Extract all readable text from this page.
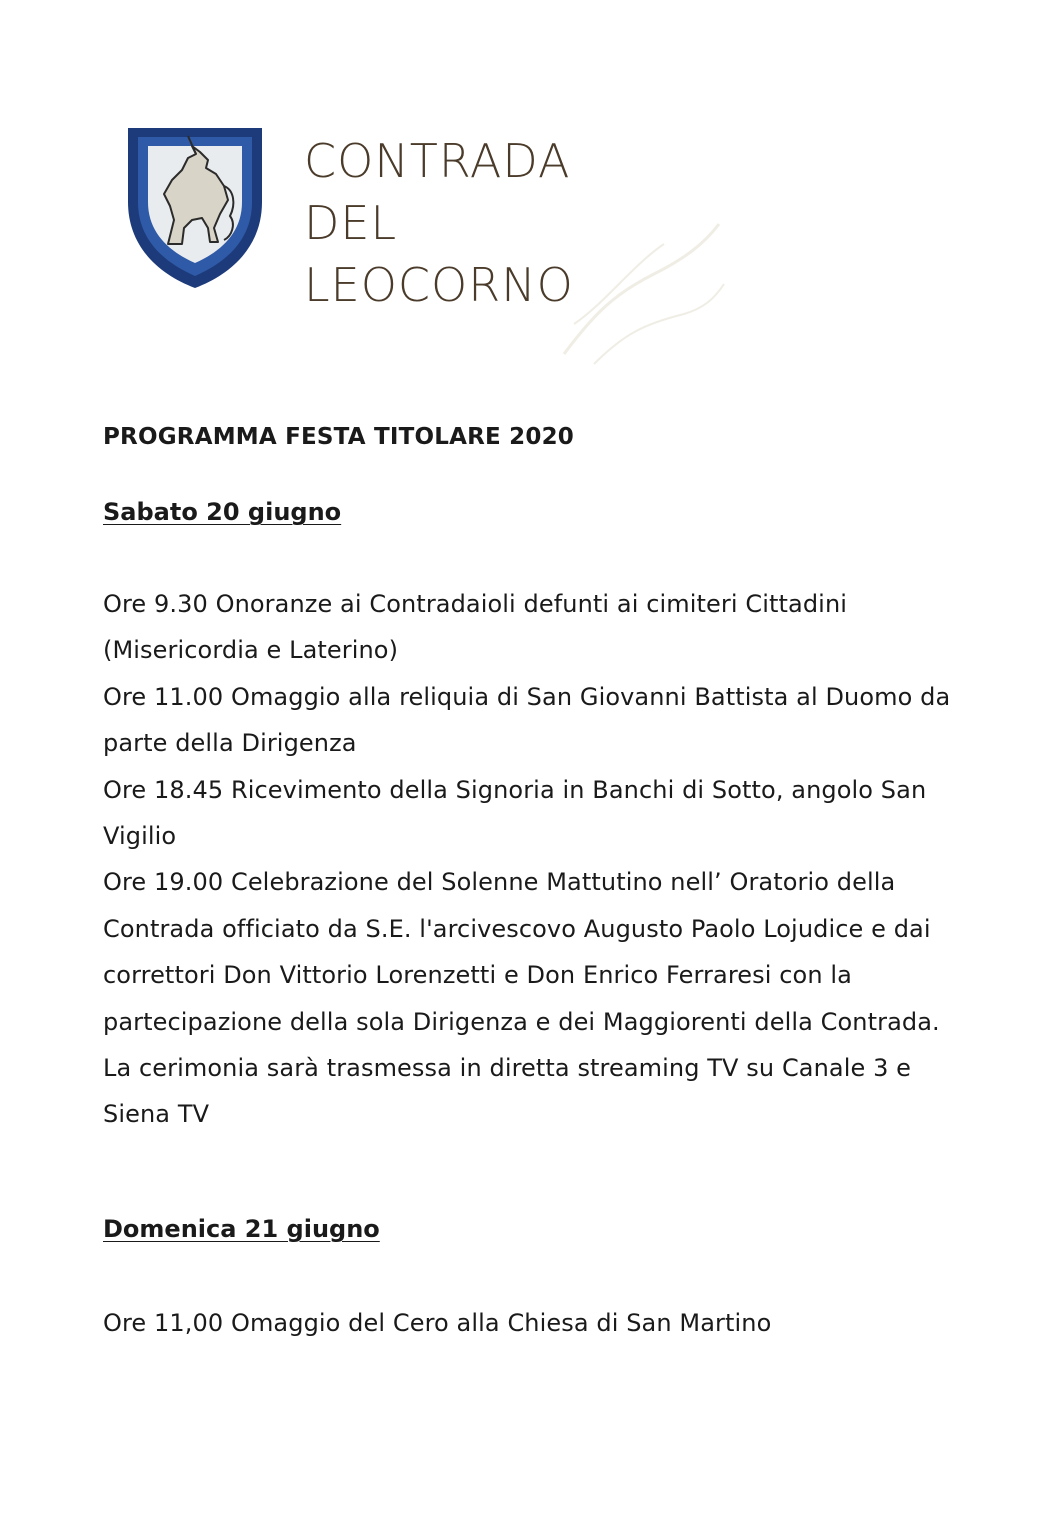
CONTRADA
DEL
LEOCORNO
PROGRAMMA FESTA TITOLARE 2020
Sabato 20 giugno
Ore 9.30 Onoranze ai Contradaioli defunti ai cimiteri Cittadini (Misericordia e Laterino)
Ore 11.00 Omaggio alla reliquia di San Giovanni Battista al Duomo da parte della Dirigenza
Ore 18.45 Ricevimento della Signoria in Banchi di Sotto, angolo San Vigilio
Ore 19.00 Celebrazione del Solenne Mattutino nell’ Oratorio della Contrada officiato da S.E. l'arcivescovo Augusto Paolo Lojudice e dai correttori Don Vittorio Lorenzetti e Don Enrico Ferraresi con la partecipazione della sola Dirigenza e dei Maggiorenti della Contrada.
La cerimonia sarà trasmessa in diretta streaming TV su Canale 3 e Siena TV
Domenica 21 giugno
Ore 11,00 Omaggio del Cero alla Chiesa di San Martino
